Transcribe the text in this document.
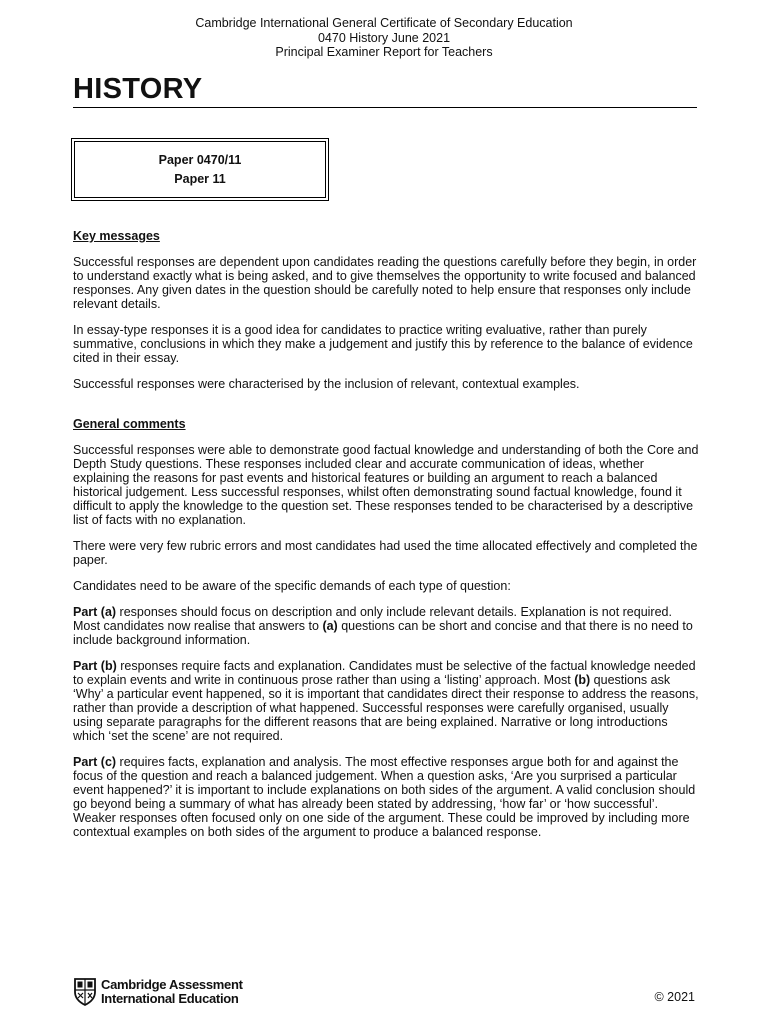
Cambridge International General Certificate of Secondary Education
0470 History June 2021
Principal Examiner Report for Teachers
HISTORY
Paper 0470/11
Paper 11

Key messages

Successful responses are dependent upon candidates reading the questions carefully before they begin, in order to understand exactly what is being asked, and to give themselves the opportunity to write focused and balanced responses. Any given dates in the question should be carefully noted to help ensure that responses only include relevant details.

In essay-type responses it is a good idea for candidates to practice writing evaluative, rather than purely summative, conclusions in which they make a judgement and justify this by reference to the balance of evidence cited in their essay.

Successful responses were characterised by the inclusion of relevant, contextual examples.

General comments

Successful responses were able to demonstrate good factual knowledge and understanding of both the Core and Depth Study questions. These responses included clear and accurate communication of ideas, whether explaining the reasons for past events and historical features or building an argument to reach a balanced historical judgement. Less successful responses, whilst often demonstrating sound factual knowledge, found it difficult to apply the knowledge to the question set. These responses tended to be characterised by a descriptive list of facts with no explanation.

There were very few rubric errors and most candidates had used the time allocated effectively and completed the paper.

Candidates need to be aware of the specific demands of each type of question:

Part (a) responses should focus on description and only include relevant details. Explanation is not required. Most candidates now realise that answers to (a) questions can be short and concise and that there is no need to include background information.

Part (b) responses require facts and explanation. Candidates must be selective of the factual knowledge needed to explain events and write in continuous prose rather than using a ‘listing’ approach. Most (b) questions ask ‘Why’ a particular event happened, so it is important that candidates direct their response to address the reasons, rather than provide a description of what happened. Successful responses were carefully organised, usually using separate paragraphs for the different reasons that are being explained. Narrative or long introductions which ‘set the scene’ are not required.

Part (c) requires facts, explanation and analysis. The most effective responses argue both for and against the focus of the question and reach a balanced judgement. When a question asks, ‘Are you surprised a particular event happened?’ it is important to include explanations on both sides of the argument. A valid conclusion should go beyond being a summary of what has already been stated by addressing, ‘how far’ or ‘how successful’. Weaker responses often focused only on one side of the argument. These could be improved by including more contextual examples on both sides of the argument to produce a balanced response.

Cambridge Assessment
International Education	© 2021
